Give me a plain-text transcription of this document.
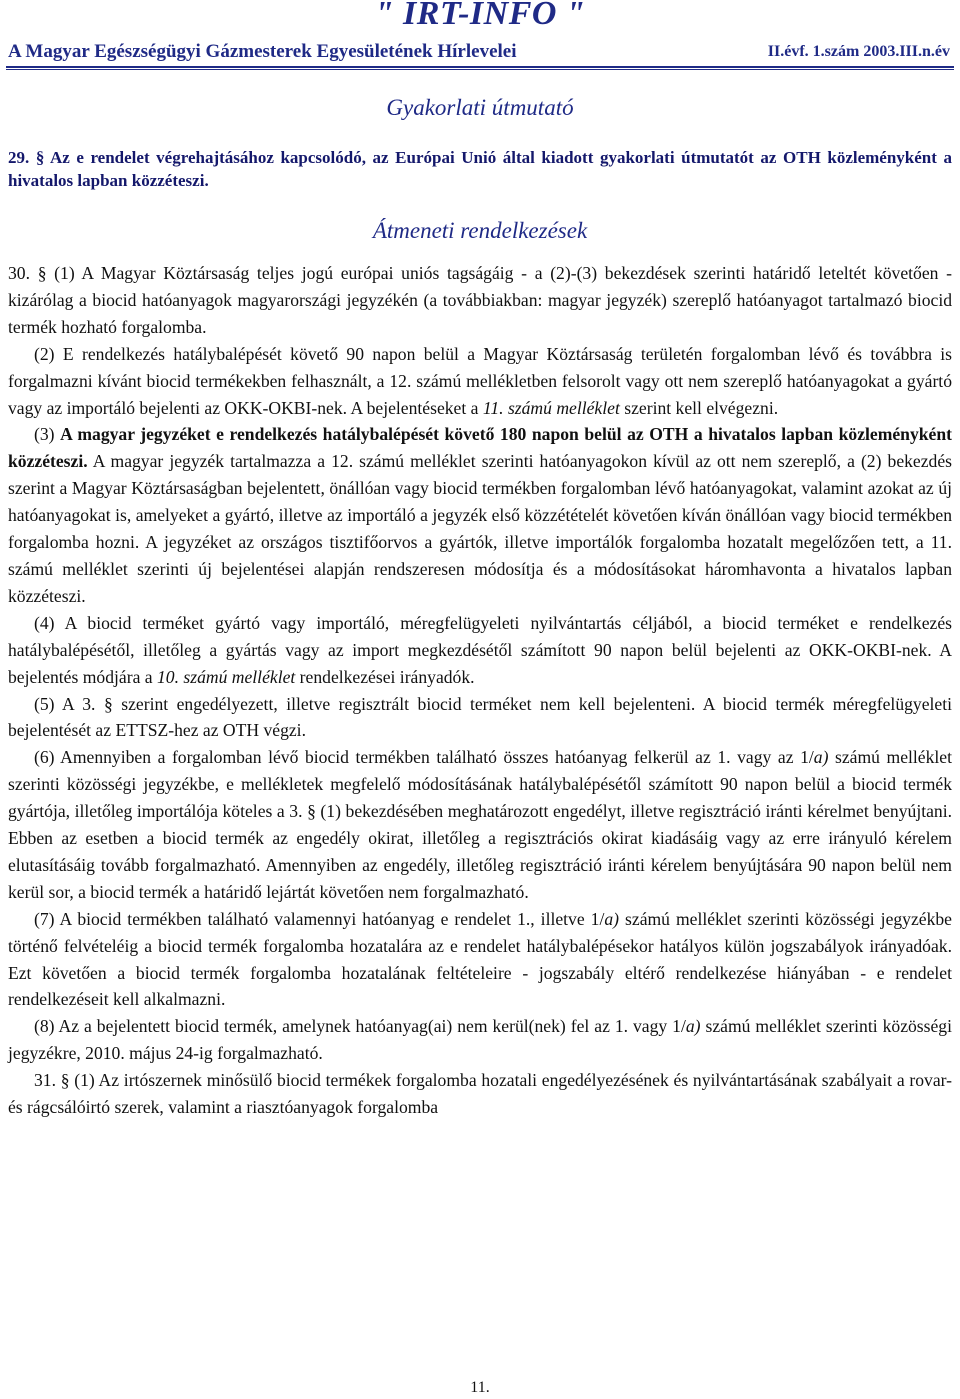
" IRT-INFO "
A Magyar Egészségügyi Gázmesterek Egyesületének Hírlevelei	II.évf. 1.szám 2003.III.n.év
Gyakorlati útmutató
29. § Az e rendelet végrehajtásához kapcsolódó, az Európai Unió által kiadott gyakorlati útmutatót az OTH közleményként a hivatalos lapban közzéteszi.
Átmeneti rendelkezések

30. § (1) A Magyar Köztársaság teljes jogú európai uniós tagságáig - a (2)-(3) bekezdések szerinti határidő leteltét követően - kizárólag a biocid hatóanyagok magyarországi jegyzékén (a továbbiakban: magyar jegyzék) szereplő hatóanyagot tartalmazó biocid termék hozható forgalomba.

(2) E rendelkezés hatálybalépését követő 90 napon belül a Magyar Köztársaság területén forgalomban lévő és továbbra is forgalmazni kívánt biocid termékekben felhasznált, a 12. számú mellékletben felsorolt vagy ott nem szereplő hatóanyagokat a gyártó vagy az importáló bejelenti az OKK-OKBI-nek. A bejelentéseket a 11. számú melléklet szerint kell elvégezni.

(3) A magyar jegyzéket e rendelkezés hatálybalépését követő 180 napon belül az OTH a hivatalos lapban közleményként közzéteszi. A magyar jegyzék tartalmazza a 12. számú melléklet szerinti hatóanyagokon kívül az ott nem szereplő, a (2) bekezdés szerint a Magyar Köztársaságban bejelentett, önállóan vagy biocid termékben forgalomban lévő hatóanyagokat, valamint azokat az új hatóanyagokat is, amelyeket a gyártó, illetve az importáló a jegyzék első közzétételét követően kíván önállóan vagy biocid termékben forgalomba hozni. A jegyzéket az országos tisztifőorvos a gyártók, illetve importálók forgalomba hozatalt megelőzően tett, a 11. számú melléklet szerinti új bejelentései alapján rendszeresen módosítja és a módosításokat háromhavonta a hivatalos lapban közzéteszi.

(4) A biocid terméket gyártó vagy importáló, méregfelügyeleti nyilvántartás céljából, a biocid terméket e rendelkezés hatálybalépésétől, illetőleg a gyártás vagy az import megkezdésétől számított 90 napon belül bejelenti az OKK-OKBI-nek. A bejelentés módjára a 10. számú melléklet rendelkezései irányadók.

(5) A 3. § szerint engedélyezett, illetve regisztrált biocid terméket nem kell bejelenteni. A biocid termék méregfelügyeleti bejelentését az ETTSZ-hez az OTH végzi.

(6) Amennyiben a forgalomban lévő biocid termékben található összes hatóanyag felkerül az 1. vagy az 1/a) számú melléklet szerinti közösségi jegyzékbe, e mellékletek megfelelő módosításának hatálybalépésétől számított 90 napon belül a biocid termék gyártója, illetőleg importálója köteles a 3. § (1) bekezdésében meghatározott engedélyt, illetve regisztráció iránti kérelmet benyújtani. Ebben az esetben a biocid termék az engedély okirat, illetőleg a regisztrációs okirat kiadásáig vagy az erre irányuló kérelem elutasításáig tovább forgalmazható. Amennyiben az engedély, illetőleg regisztráció iránti kérelem benyújtására 90 napon belül nem kerül sor, a biocid termék a határidő lejártát követően nem forgalmazható.

(7) A biocid termékben található valamennyi hatóanyag e rendelet 1., illetve 1/a) számú melléklet szerinti közösségi jegyzékbe történő felvételéig a biocid termék forgalomba hozatalára az e rendelet hatálybalépésekor hatályos külön jogszabályok irányadóak. Ezt követően a biocid termék forgalomba hozatalának feltételeire - jogszabály eltérő rendelkezése hiányában - e rendelet rendelkezéseit kell alkalmazni.

(8) Az a bejelentett biocid termék, amelynek hatóanyag(ai) nem kerül(nek) fel az 1. vagy 1/a) számú melléklet szerinti közösségi jegyzékre, 2010. május 24-ig forgalmazható.

31. § (1) Az irtószernek minősülő biocid termékek forgalomba hozatali engedélyezésének és nyilvántartásának szabályait a rovar- és rágcsálóirtó szerek, valamint a riasztóanyagok forgalomba

11.
